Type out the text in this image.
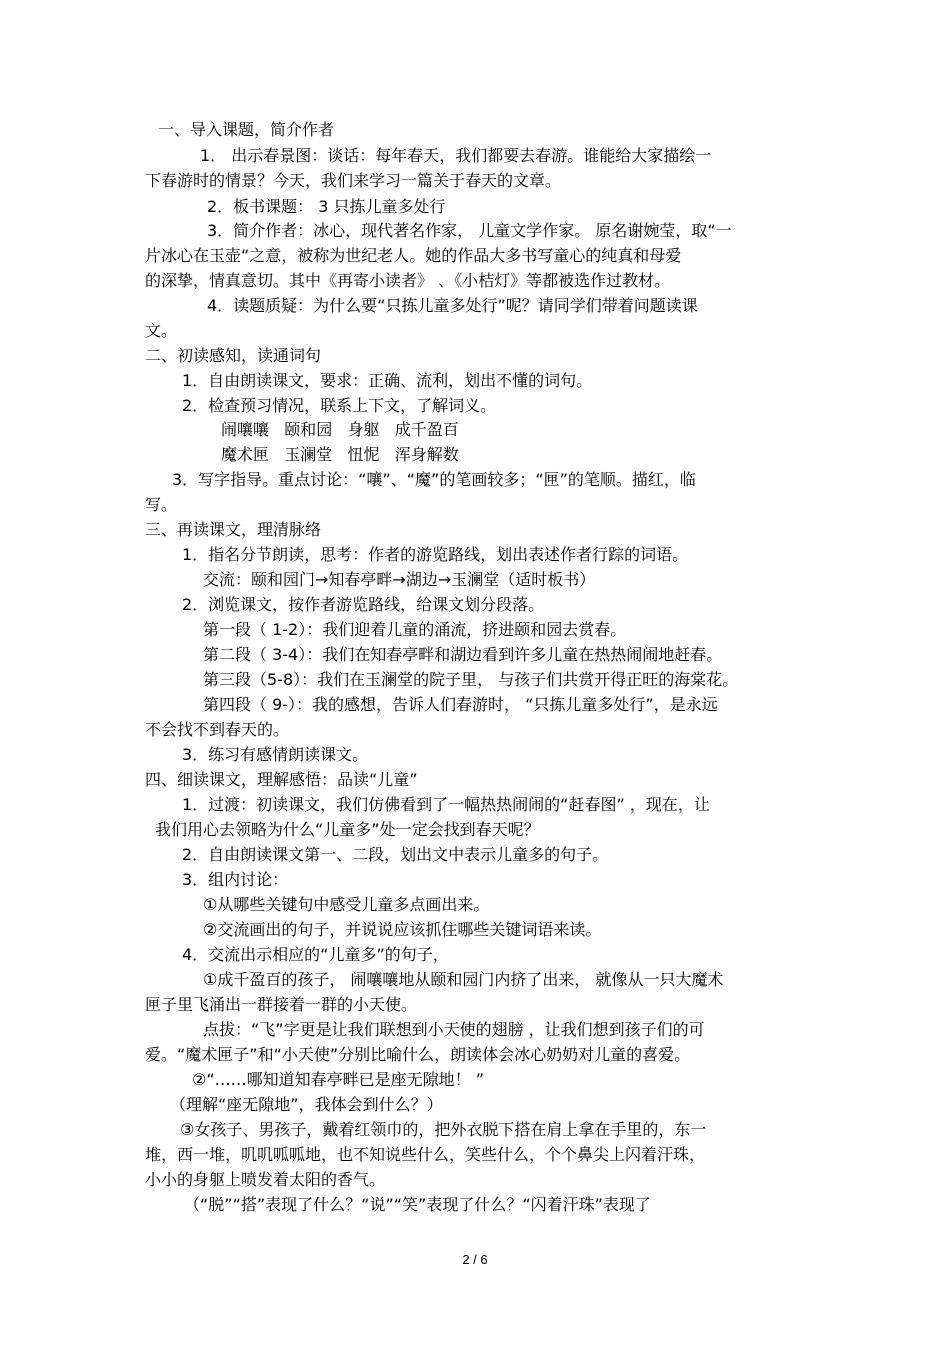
一、导入课题，简介作者
1． 出示春景图：谈话：每年春天，我们都要去春游。谁能给大家描绘一
下春游时的情景？今天，我们来学习一篇关于春天的文章。
2．板书课题： 3 只拣儿童多处行
3．简介作者：冰心，现代著名作家， 儿童文学作家。 原名谢婉莹，取“一
片冰心在玉壶“之意，被称为世纪老人。她的作品大多书写童心的纯真和母爱
的深挚，情真意切。其中《再寄小读者》 、《小桔灯》等都被选作过教材。
4．读题质疑：为什么要“只拣儿童多处行”呢？请同学们带着问题读课
文。
二、初读感知，读通词句
1．自由朗读课文，要求：正确、流利，划出不懂的词句。
2．检查预习情况，联系上下文，了解词义。
闹嚷嚷   颐和园   身躯   成千盈百
魔术匣   玉澜堂   忸怩   浑身解数
3．写字指导。重点讨论：“嚷”、“魔”的笔画较多；“匣”的笔顺。描红，临
写。
三、再读课文，理清脉络
1．指名分节朗读，思考：作者的游览路线，划出表述作者行踪的词语。
交流：颐和园门→知春亭畔→湖边→玉澜堂（适时板书）
2．浏览课文，按作者游览路线，给课文划分段落。
第一段（ 1-2）：我们迎着儿童的涌流，挤进颐和园去赏春。
第二段（ 3-4）：我们在知春亭畔和湖边看到许多儿童在热热闹闹地赶春。
第三段（5-8）：我们在玉澜堂的院子里， 与孩子们共赏开得正旺的海棠花。
第四段（ 9-）：我的感想，告诉人们春游时， “只拣儿童多处行”，是永远
不会找不到春天的。
3．练习有感情朗读课文。
四、细读课文，理解感悟：品读“儿童”
1．过渡：初读课文，我们仿佛看到了一幅热热闹闹的“赶春图” ，现在，让
我们用心去领略为什么“儿童多”处一定会找到春天呢？
2．自由朗读课文第一、二段，划出文中表示儿童多的句子。
3．组内讨论：
①从哪些关键句中感受儿童多点画出来。
②交流画出的句子，并说说应该抓住哪些关键词语来读。
4．交流出示相应的“儿童多”的句子，
①成千盈百的孩子， 闹嚷嚷地从颐和园门内挤了出来， 就像从一只大魔术
匣子里飞涌出一群接着一群的小天使。
点拔：“飞”字更是让我们联想到小天使的翅膀 ，让我们想到孩子们的可
爱。“魔术匣子”和“小天使”分别比喻什么，朗读体会冰心奶奶对儿童的喜爱。
②“……哪知道知春亭畔已是座无隙地！ ”
（理解“座无隙地”，我体会到什么？）
③女孩子、男孩子，戴着红领巾的，把外衣脱下搭在肩上拿在手里的，东一
堆，西一堆，叽叽呱呱地，也不知说些什么，笑些什么，个个鼻尖上闪着汗珠，
小小的身躯上喷发着太阳的香气。
（“脱”“搭”表现了什么？“说”“笑”表现了什么？“闪着汗珠”表现了
2 / 6
